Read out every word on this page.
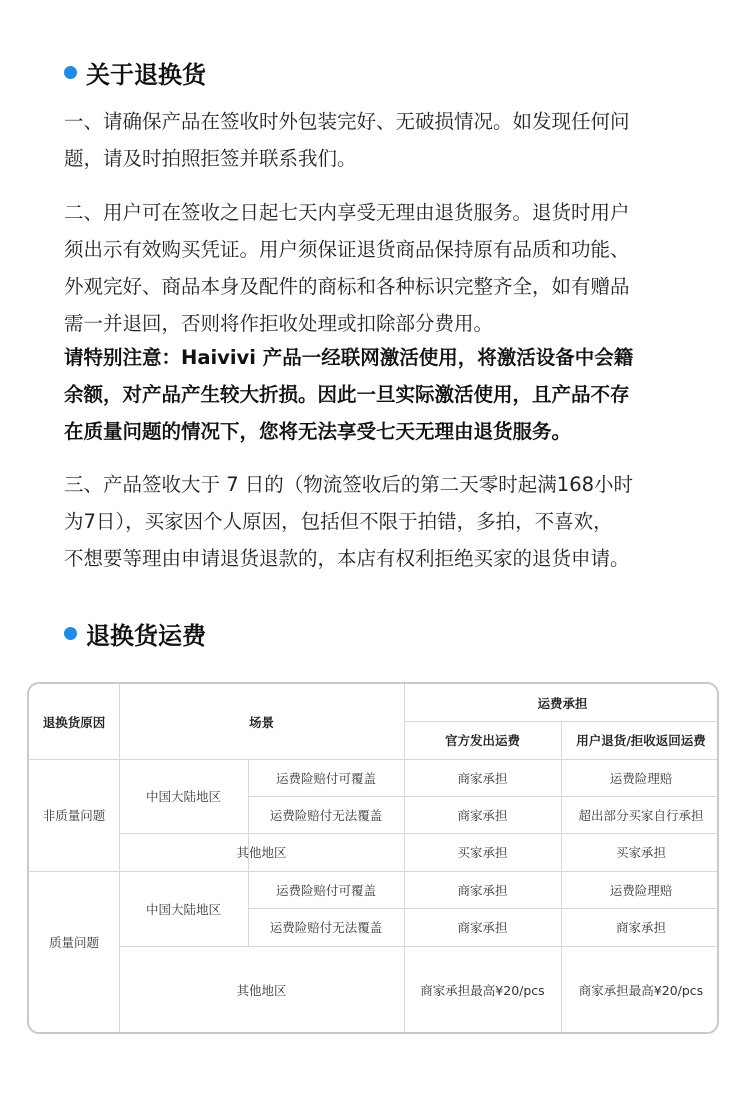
关于退换货
一、请确保产品在签收时外包装完好、无破损情况。如发现任何问
题，请及时拍照拒签并联系我们。
二、用户可在签收之日起七天内享受无理由退货服务。退货时用户
须出示有效购买凭证。用户须保证退货商品保持原有品质和功能、
外观完好、商品本身及配件的商标和各种标识完整齐全，如有赠品
需一并退回，否则将作拒收处理或扣除部分费用。
请特别注意：Haivivi 产品一经联网激活使用，将激活设备中会籍
余额，对产品产生较大折损。因此一旦实际激活使用，且产品不存
在质量问题的情况下，您将无法享受七天无理由退货服务。
三、产品签收大于 7 日的（物流签收后的第二天零时起满168小时
为7日），买家因个人原因，包括但不限于拍错，多拍，不喜欢，
不想要等理由申请退货退款的，本店有权利拒绝买家的退货申请。
退换货运费
退换货原因	场景
运费承担
官方发出运费	用户退货/拒收返回运费
非质量问题
中国大陆地区
运费险赔付可覆盖	商家承担	运费险理赔
运费险赔付无法覆盖	商家承担	超出部分买家自行承担
其他地区	买家承担	买家承担
质量问题
中国大陆地区
运费险赔付可覆盖	商家承担	运费险理赔
运费险赔付无法覆盖	商家承担	商家承担
其他地区	商家承担最高¥20/pcs	商家承担最高¥20/pcs
